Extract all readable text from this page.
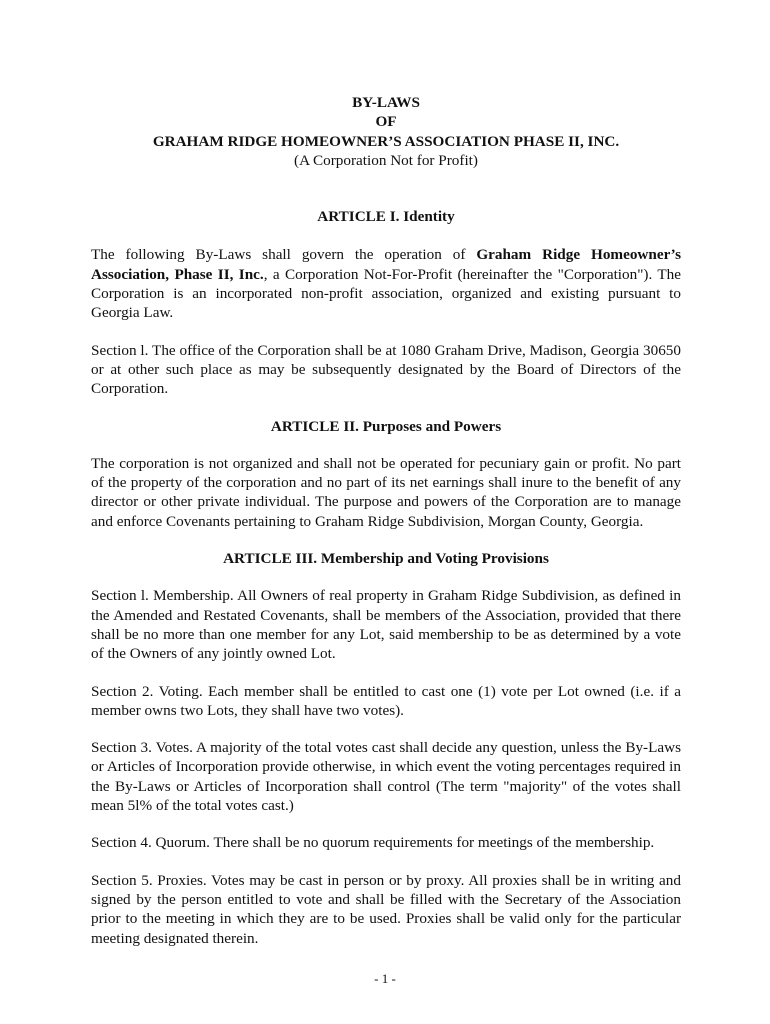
BY-LAWS
OF
GRAHAM RIDGE HOMEOWNER’S ASSOCIATION PHASE II, INC.
(A Corporation Not for Profit)
ARTICLE I. Identity

The following By-Laws shall govern the operation of Graham Ridge Homeowner’s Association, Phase II, Inc., a Corporation Not-For-Profit (hereinafter the "Corporation"). The Corporation is an incorporated non-profit association, organized and existing pursuant to Georgia Law.

Section l. The office of the Corporation shall be at 1080 Graham Drive, Madison, Georgia 30650 or at other such place as may be subsequently designated by the Board of Directors of the Corporation.

ARTICLE II. Purposes and Powers

The corporation is not organized and shall not be operated for pecuniary gain or profit. No part of the property of the corporation and no part of its net earnings shall inure to the benefit of any director or other private individual. The purpose and powers of the Corporation are to manage and enforce Covenants pertaining to Graham Ridge Subdivision, Morgan County, Georgia.

ARTICLE III. Membership and Voting Provisions

Section l. Membership. All Owners of real property in Graham Ridge Subdivision, as defined in the Amended and Restated Covenants, shall be members of the Association, provided that there shall be no more than one member for any Lot, said membership to be as determined by a vote of the Owners of any jointly owned Lot.

Section 2. Voting. Each member shall be entitled to cast one (1) vote per Lot owned (i.e. if a member owns two Lots, they shall have two votes).

Section 3. Votes. A majority of the total votes cast shall decide any question, unless the By-Laws or Articles of Incorporation provide otherwise, in which event the voting percentages required in the By-Laws or Articles of Incorporation shall control (The term "majority" of the votes shall mean 5l% of the total votes cast.)

Section 4. Quorum. There shall be no quorum requirements for meetings of the membership.

Section 5. Proxies. Votes may be cast in person or by proxy. All proxies shall be in writing and signed by the person entitled to vote and shall be filled with the Secretary of the Association prior to the meeting in which they are to be used. Proxies shall be valid only for the particular meeting designated therein.

- 1 -
